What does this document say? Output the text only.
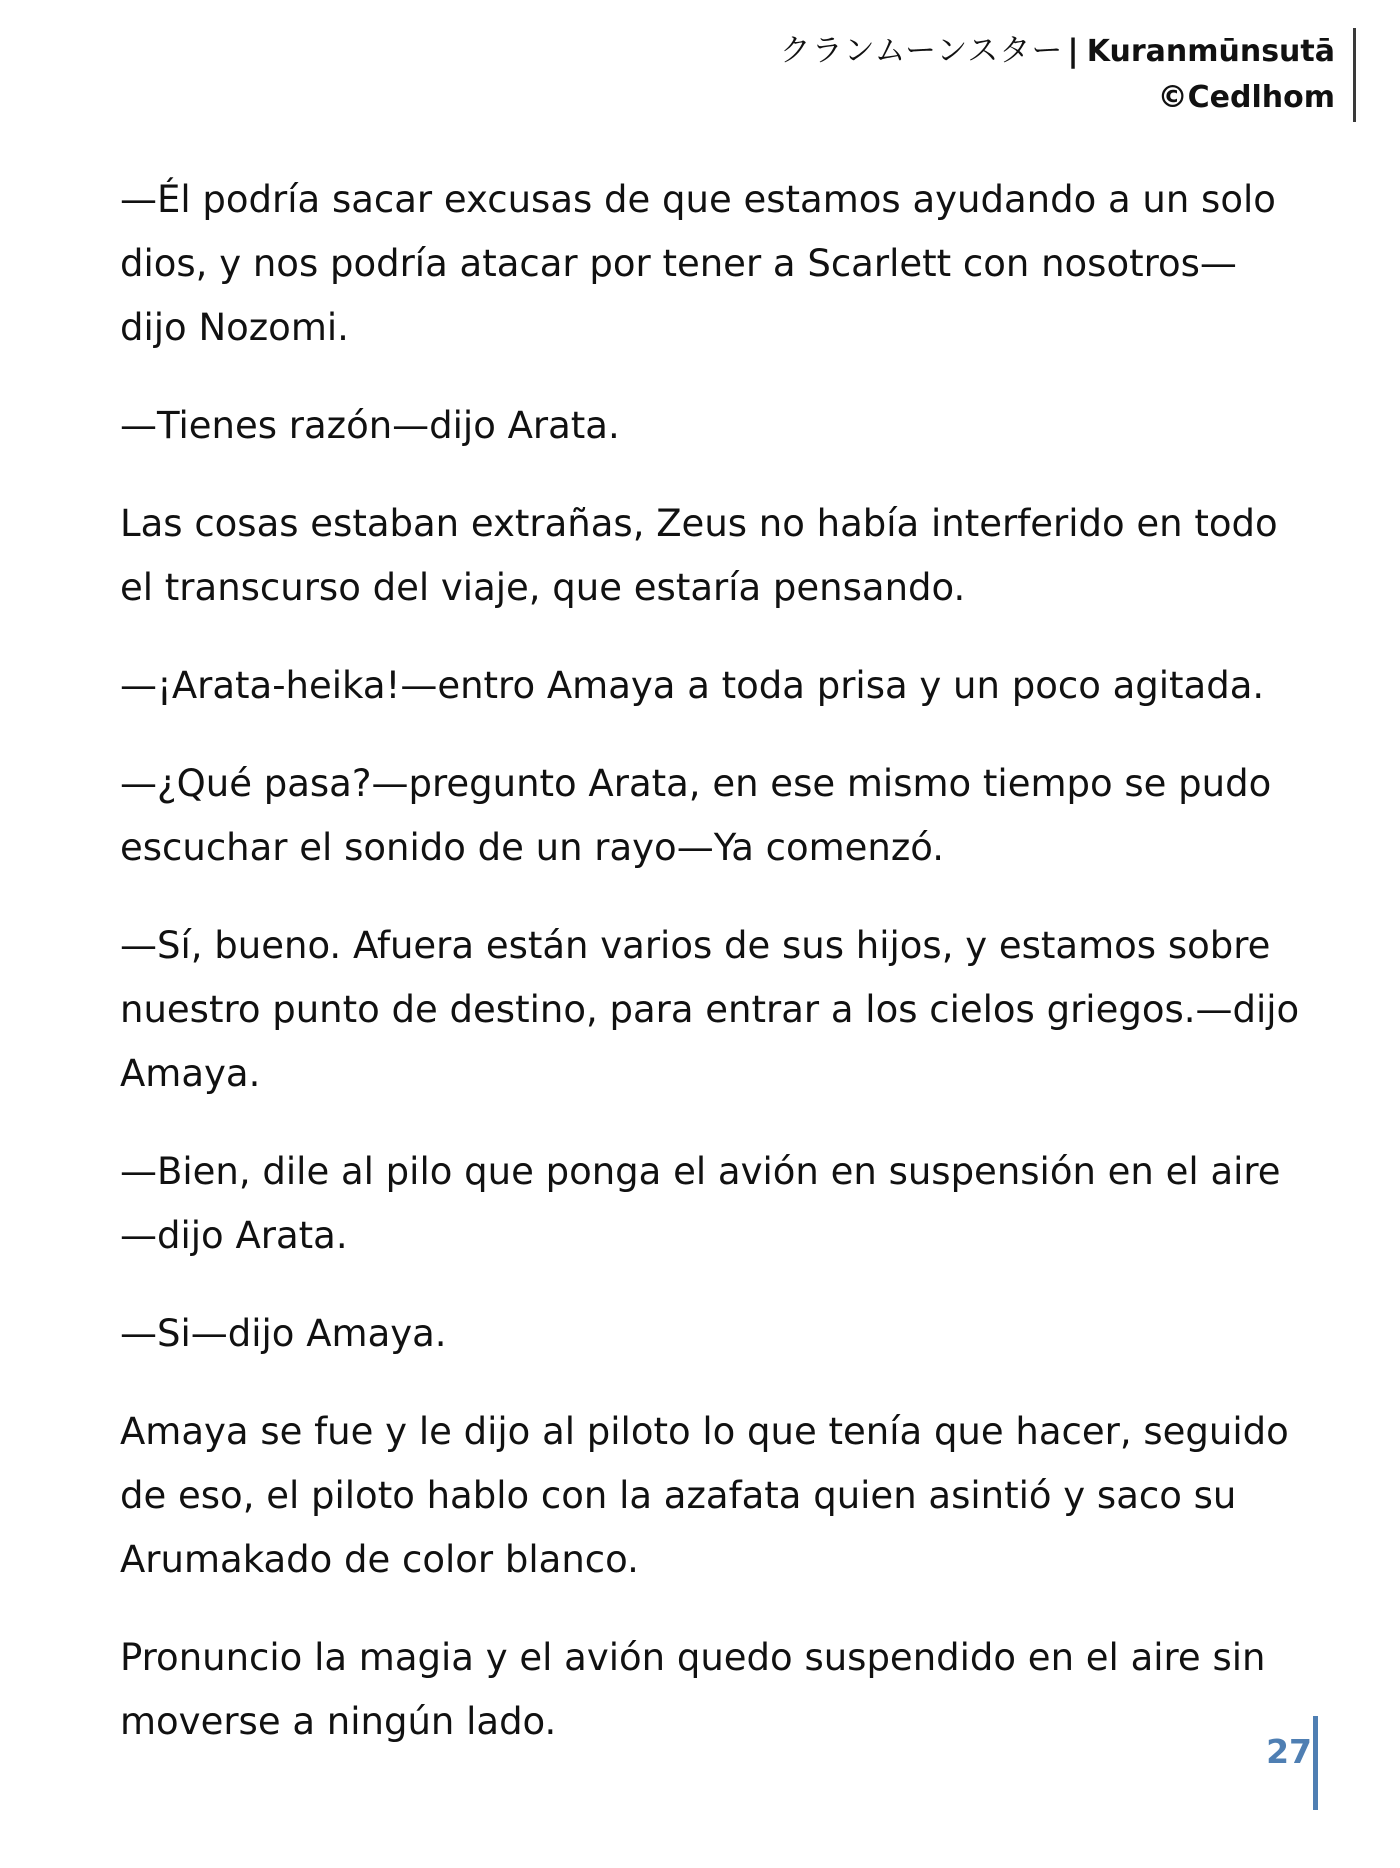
クランムーンスター | Kuranmūnsutā
©Cedlhom

—Él podría sacar excusas de que estamos ayudando a un solo dios, y nos podría atacar por tener a Scarlett con nosotros—dijo Nozomi.

—Tienes razón—dijo Arata.

Las cosas estaban extrañas, Zeus no había interferido en todo el transcurso del viaje, que estaría pensando.

—¡Arata-heika!—entro Amaya a toda prisa y un poco agitada.

—¿Qué pasa?—pregunto Arata, en ese mismo tiempo se pudo escuchar el sonido de un rayo—Ya comenzó.

—Sí, bueno. Afuera están varios de sus hijos, y estamos sobre nuestro punto de destino, para entrar a los cielos griegos.—dijo Amaya.

—Bien, dile al pilo que ponga el avión en suspensión en el aire—dijo Arata.

—Si—dijo Amaya.

Amaya se fue y le dijo al piloto lo que tenía que hacer, seguido de eso, el piloto hablo con la azafata quien asintió y saco su Arumakado de color blanco.

Pronuncio la magia y el avión quedo suspendido en el aire sin moverse a ningún lado.

27
